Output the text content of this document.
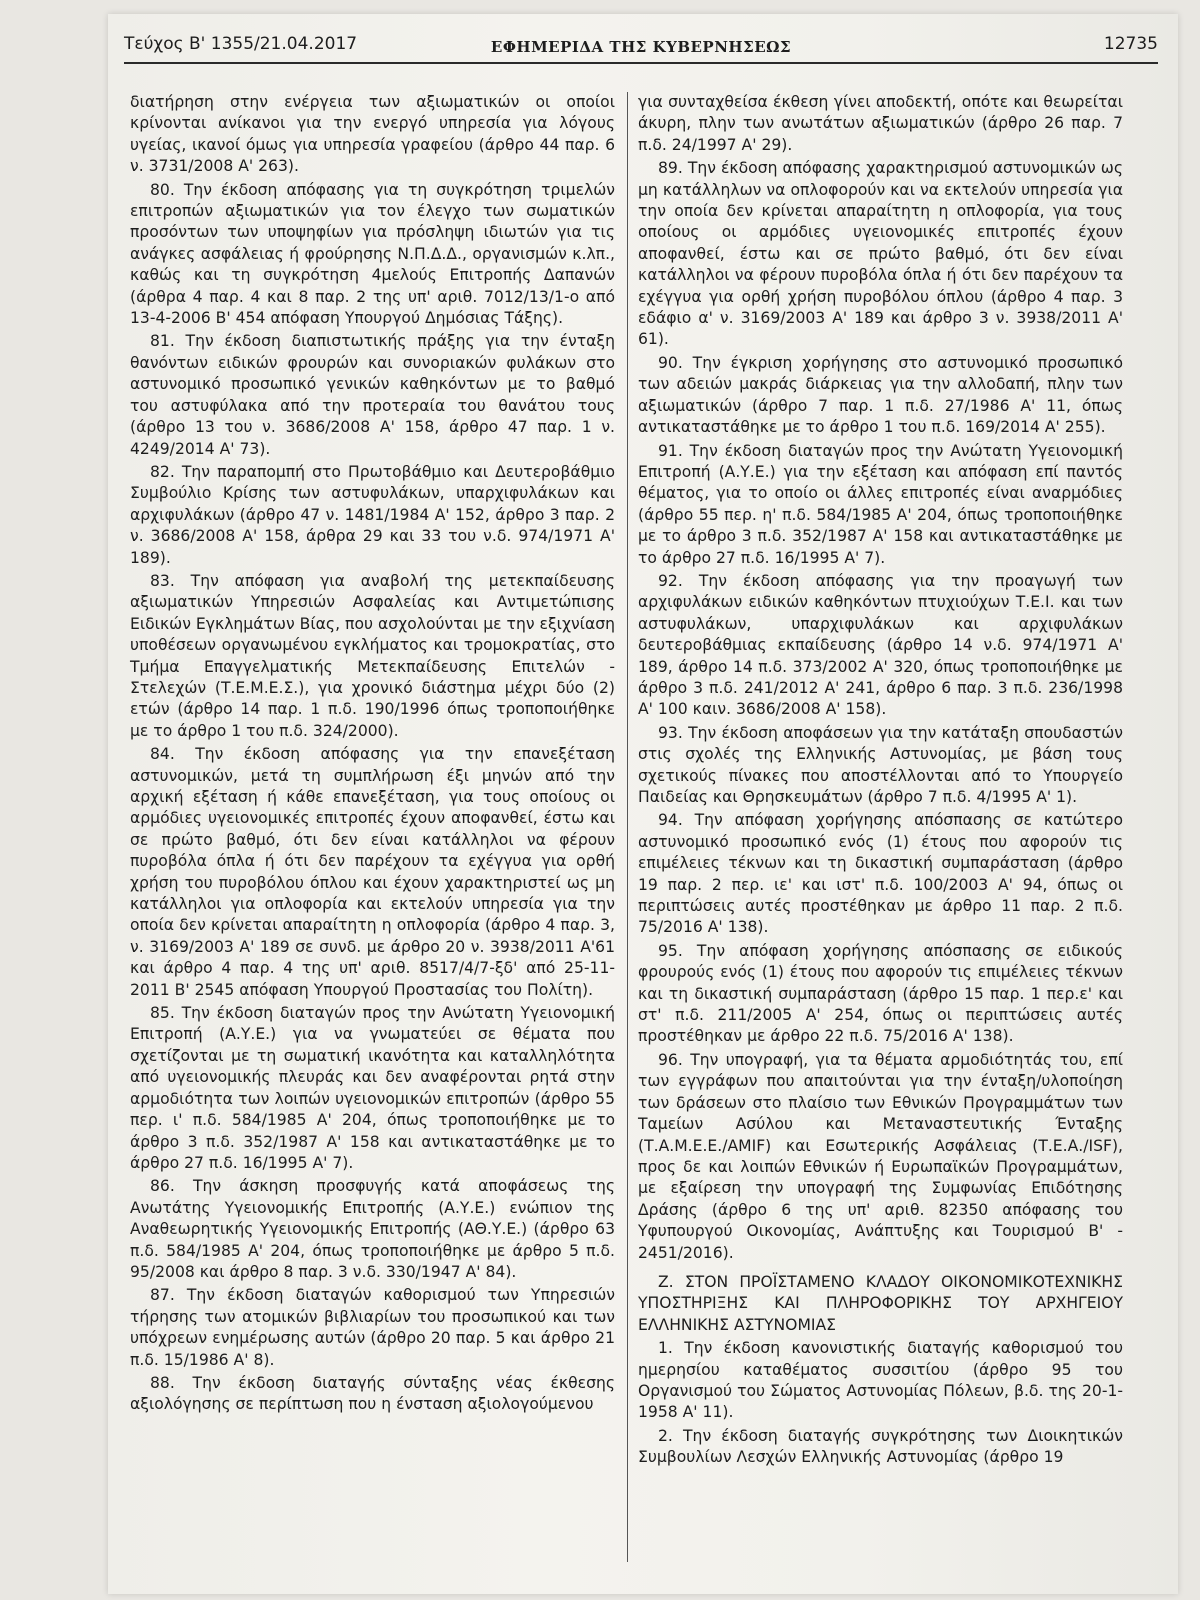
Τεύχος Β' 1355/21.04.2017	ΕΦΗΜΕΡΙΔΑ ΤΗΣ ΚΥΒΕΡΝΗΣΕΩΣ	12735

διατήρηση στην ενέργεια των αξιωματικών οι οποίοι κρίνονται ανίκανοι για την ενεργό υπηρεσία για λόγους υγείας, ικανοί όμως για υπηρεσία γραφείου (άρθρο 44 παρ. 6 ν. 3731/2008 Α' 263).

80. Την έκδοση απόφασης για τη συγκρότηση τριμελών επιτροπών αξιωματικών για τον έλεγχο των σωματικών προσόντων των υποψηφίων για πρόσληψη ιδιωτών για τις ανάγκες ασφάλειας ή φρούρησης Ν.Π.Δ.Δ., οργανισμών κ.λπ., καθώς και τη συγκρότηση 4μελούς Επιτροπής Δαπανών (άρθρα 4 παρ. 4 και 8 παρ. 2 της υπ' αριθ. 7012/13/1-ο από 13-4-2006 Β' 454 απόφαση Υπουργού Δημόσιας Τάξης).

81. Την έκδοση διαπιστωτικής πράξης για την ένταξη θανόντων ειδικών φρουρών και συνοριακών φυλάκων στο αστυνομικό προσωπικό γενικών καθηκόντων με το βαθμό του αστυφύλακα από την προτεραία του θανάτου τους (άρθρο 13 του ν. 3686/2008 Α' 158, άρθρο 47 παρ. 1 ν. 4249/2014 Α' 73).

82. Την παραπομπή στο Πρωτοβάθμιο και Δευτεροβάθμιο Συμβούλιο Κρίσης των αστυφυλάκων, υπαρχιφυλάκων και αρχιφυλάκων (άρθρο 47 ν. 1481/1984 Α' 152, άρθρο 3 παρ. 2 ν. 3686/2008 Α' 158, άρθρα 29 και 33 του ν.δ. 974/1971 Α' 189).

83. Την απόφαση για αναβολή της μετεκπαίδευσης αξιωματικών Υπηρεσιών Ασφαλείας και Αντιμετώπισης Ειδικών Εγκλημάτων Βίας, που ασχολούνται με την εξιχνίαση υποθέσεων οργανωμένου εγκλήματος και τρομοκρατίας, στο Τμήμα Επαγγελματικής Μετεκπαίδευσης Επιτελών - Στελεχών (Τ.Ε.Μ.Ε.Σ.), για χρονικό διάστημα μέχρι δύο (2) ετών (άρθρο 14 παρ. 1 π.δ. 190/1996 όπως τροποποιήθηκε με το άρθρο 1 του π.δ. 324/2000).

84. Την έκδοση απόφασης για την επανεξέταση αστυνομικών, μετά τη συμπλήρωση έξι μηνών από την αρχική εξέταση ή κάθε επανεξέταση, για τους οποίους οι αρμόδιες υγειονομικές επιτροπές έχουν αποφανθεί, έστω και σε πρώτο βαθμό, ότι δεν είναι κατάλληλοι να φέρουν πυροβόλα όπλα ή ότι δεν παρέχουν τα εχέγγυα για ορθή χρήση του πυροβόλου όπλου και έχουν χαρακτηριστεί ως μη κατάλληλοι για οπλοφορία και εκτελούν υπηρεσία για την οποία δεν κρίνεται απαραίτητη η οπλοφορία (άρθρο 4 παρ. 3, ν. 3169/2003 Α' 189 σε συνδ. με άρθρο 20 ν. 3938/2011 Α'61 και άρθρο 4 παρ. 4 της υπ' αριθ. 8517/4/7-ξδ' από 25-11-2011 Β' 2545 απόφαση Υπουργού Προστασίας του Πολίτη).

85. Την έκδοση διαταγών προς την Ανώτατη Υγειονομική Επιτροπή (Α.Υ.Ε.) για να γνωματεύει σε θέματα που σχετίζονται με τη σωματική ικανότητα και καταλληλότητα από υγειονομικής πλευράς και δεν αναφέρονται ρητά στην αρμοδιότητα των λοιπών υγειονομικών επιτροπών (άρθρο 55 περ. ι' π.δ. 584/1985 Α' 204, όπως τροποποιήθηκε με το άρθρο 3 π.δ. 352/1987 Α' 158 και αντικαταστάθηκε με το άρθρο 27 π.δ. 16/1995 Α' 7).

86. Την άσκηση προσφυγής κατά αποφάσεως της Ανωτάτης Υγειονομικής Επιτροπής (Α.Υ.Ε.) ενώπιον της Αναθεωρητικής Υγειονομικής Επιτροπής (ΑΘ.Υ.Ε.) (άρθρο 63 π.δ. 584/1985 Α' 204, όπως τροποποιήθηκε με άρθρο 5 π.δ. 95/2008 και άρθρο 8 παρ. 3 ν.δ. 330/1947 Α' 84).

87. Την έκδοση διαταγών καθορισμού των Υπηρεσιών τήρησης των ατομικών βιβλιαρίων του προσωπικού και των υπόχρεων ενημέρωσης αυτών (άρθρο 20 παρ. 5 και άρθρο 21 π.δ. 15/1986 Α' 8).

88. Την έκδοση διαταγής σύνταξης νέας έκθεσης αξιολόγησης σε περίπτωση που η ένσταση αξιολογούμενου

για συνταχθείσα έκθεση γίνει αποδεκτή, οπότε και θεωρείται άκυρη, πλην των ανωτάτων αξιωματικών (άρθρο 26 παρ. 7 π.δ. 24/1997 Α' 29).

89. Την έκδοση απόφασης χαρακτηρισμού αστυνομικών ως μη κατάλληλων να οπλοφορούν και να εκτελούν υπηρεσία για την οποία δεν κρίνεται απαραίτητη η οπλοφορία, για τους οποίους οι αρμόδιες υγειονομικές επιτροπές έχουν αποφανθεί, έστω και σε πρώτο βαθμό, ότι δεν είναι κατάλληλοι να φέρουν πυροβόλα όπλα ή ότι δεν παρέχουν τα εχέγγυα για ορθή χρήση πυροβόλου όπλου (άρθρο 4 παρ. 3 εδάφιο α' ν. 3169/2003 Α' 189 και άρθρο 3 ν. 3938/2011 Α' 61).

90. Την έγκριση χορήγησης στο αστυνομικό προσωπικό των αδειών μακράς διάρκειας για την αλλοδαπή, πλην των αξιωματικών (άρθρο 7 παρ. 1 π.δ. 27/1986 Α' 11, όπως αντικαταστάθηκε με το άρθρο 1 του π.δ. 169/2014 Α' 255).

91. Την έκδοση διαταγών προς την Ανώτατη Υγειονομική Επιτροπή (Α.Υ.Ε.) για την εξέταση και απόφαση επί παντός θέματος, για το οποίο οι άλλες επιτροπές είναι αναρμόδιες (άρθρο 55 περ. η' π.δ. 584/1985 Α' 204, όπως τροποποιήθηκε με το άρθρο 3 π.δ. 352/1987 Α' 158 και αντικαταστάθηκε με το άρθρο 27 π.δ. 16/1995 Α' 7).

92. Την έκδοση απόφασης για την προαγωγή των αρχιφυλάκων ειδικών καθηκόντων πτυχιούχων Τ.Ε.Ι. και των αστυφυλάκων, υπαρχιφυλάκων και αρχιφυλάκων δευτεροβάθμιας εκπαίδευσης (άρθρο 14 ν.δ. 974/1971 Α' 189, άρθρο 14 π.δ. 373/2002 Α' 320, όπως τροποποιήθηκε με άρθρο 3 π.δ. 241/2012 Α' 241, άρθρο 6 παρ. 3 π.δ. 236/1998 Α' 100 καιν. 3686/2008 Α' 158).

93. Την έκδοση αποφάσεων για την κατάταξη σπουδαστών στις σχολές της Ελληνικής Αστυνομίας, με βάση τους σχετικούς πίνακες που αποστέλλονται από το Υπουργείο Παιδείας και Θρησκευμάτων (άρθρο 7 π.δ. 4/1995 Α' 1).

94. Την απόφαση χορήγησης απόσπασης σε κατώτερο αστυνομικό προσωπικό ενός (1) έτους που αφορούν τις επιμέλειες τέκνων και τη δικαστική συμπαράσταση (άρθρο 19 παρ. 2 περ. ιε' και ιστ' π.δ. 100/2003 Α' 94, όπως οι περιπτώσεις αυτές προστέθηκαν με άρθρο 11 παρ. 2 π.δ. 75/2016 Α' 138).

95. Την απόφαση χορήγησης απόσπασης σε ειδικούς φρουρούς ενός (1) έτους που αφορούν τις επιμέλειες τέκνων και τη δικαστική συμπαράσταση (άρθρο 15 παρ. 1 περ.ε' και στ' π.δ. 211/2005 Α' 254, όπως οι περιπτώσεις αυτές προστέθηκαν με άρθρο 22 π.δ. 75/2016 Α' 138).

96. Την υπογραφή, για τα θέματα αρμοδιότητάς του, επί των εγγράφων που απαιτούνται για την ένταξη/υλοποίηση των δράσεων στο πλαίσιο των Εθνικών Προγραμμάτων των Ταμείων Ασύλου και Μεταναστευτικής Ένταξης (Τ.Α.Μ.Ε.Ε./AMIF) και Εσωτερικής Ασφάλειας (Τ.Ε.Α./ISF), προς δε και λοιπών Εθνικών ή Ευρωπαϊκών Προγραμμάτων, με εξαίρεση την υπογραφή της Συμφωνίας Επιδότησης Δράσης (άρθρο 6 της υπ' αριθ. 82350 απόφασης του Υφυπουργού Οικονομίας, Ανάπτυξης και Τουρισμού Β' - 2451/2016).

Ζ. ΣΤΟΝ ΠΡΟΪΣΤΑΜΕΝΟ ΚΛΑΔΟΥ ΟΙΚΟΝΟΜΙΚΟΤΕΧΝΙΚΗΣ ΥΠΟΣΤΗΡΙΞΗΣ ΚΑΙ ΠΛΗΡΟΦΟΡΙΚΗΣ ΤΟΥ ΑΡΧΗΓΕΙΟΥ ΕΛΛΗΝΙΚΗΣ ΑΣΤΥΝΟΜΙΑΣ

1. Την έκδοση κανονιστικής διαταγής καθορισμού του ημερησίου καταθέματος συσσιτίου (άρθρο 95 του Οργανισμού του Σώματος Αστυνομίας Πόλεων, β.δ. της 20-1-1958 Α' 11).

2. Την έκδοση διαταγής συγκρότησης των Διοικητικών Συμβουλίων Λεσχών Ελληνικής Αστυνομίας (άρθρο 19
